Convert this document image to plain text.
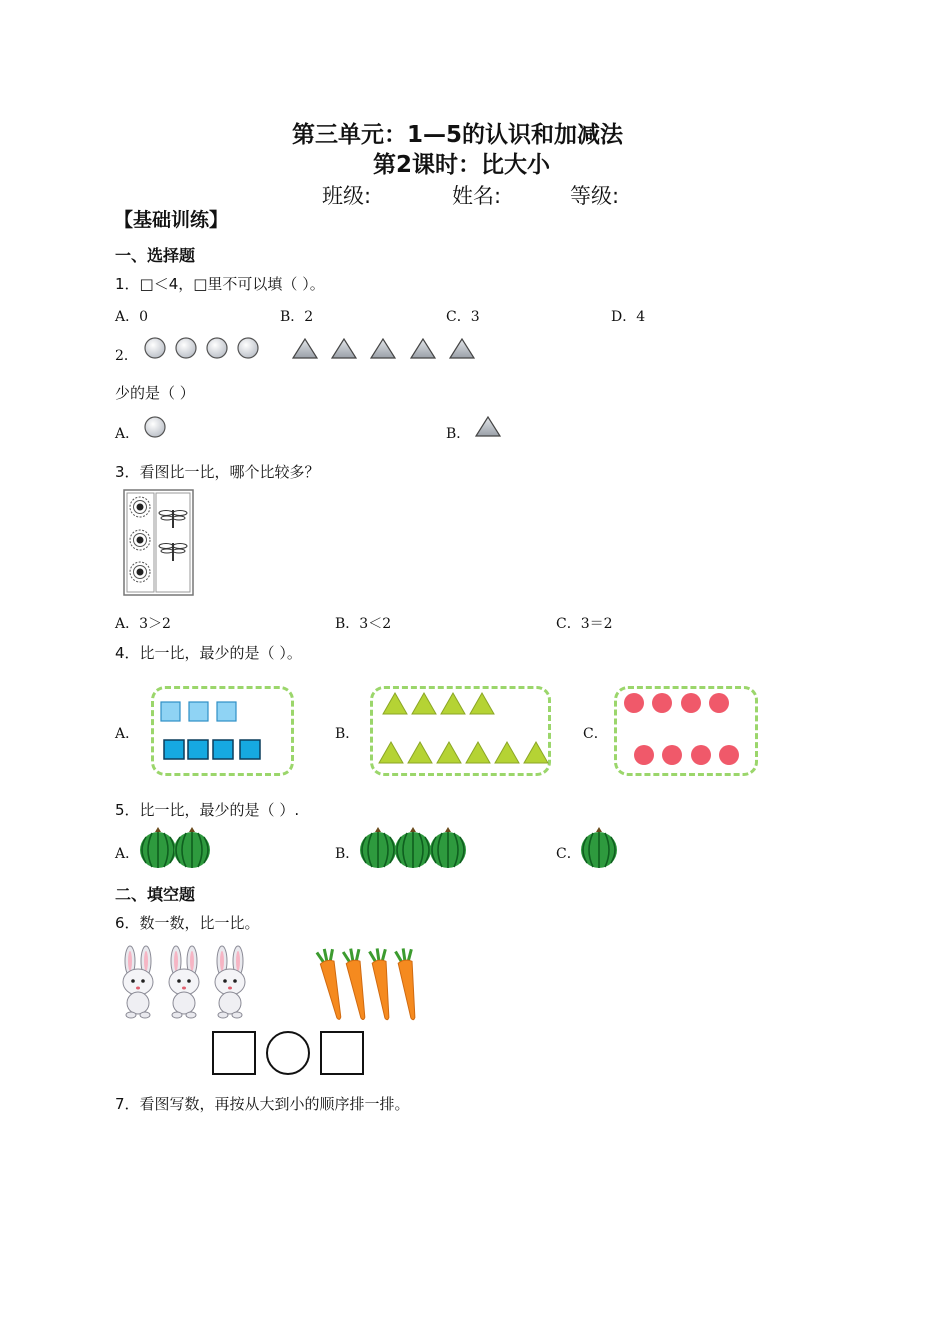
第三单元：1—5的认识和加减法
第2课时：比大小
班级:	姓名:	等级:
【基础训练】
一、选择题
1．□＜4，□里不可以填（ ）。
A．0	B．2	C．3	D．4
2．
少的是（ ）
A．	B．
3．看图比一比，哪个比较多？
A．3＞2	B．3＜2	C．3＝2
4．比一比，最少的是（ ）。
A．	B．	C．
5．比一比，最少的是（ ）.
A．	B．	C．
二、填空题
6．数一数，比一比。
7．看图写数，再按从大到小的顺序排一排。
